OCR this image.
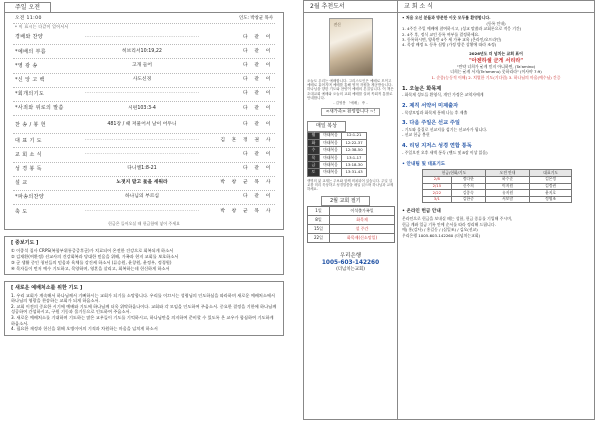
주일 오전
오전 11:00	인도: 박창균 목사
* 이 표시는 다같이 일어서서
경배와 찬양	·······························································	다 같 이
*예배의 부름	히브리서10:19,22	다 같 이
*영 광 송	고개 들어	다 같 이
*신 앙 고 백	사도신경	다 같 이
*회개의기도	·······························································	다 같 이
*사죄와 위로의 말씀	시편103:3-4	다 같 이
찬 송 / 봉 헌	481장 / 때 저물어서 날이 어두니	다 같 이
대 표 기 도	·······························································	김 혼 정 권 사
교 회 소 식	·······························································	다 같 이
성 경 봉 독	다니엘1:8-21	다 같 이
설 교	노젓지 말고 돛을 세워라	박 창 균 목 사
*파송의찬양	하나님의 부르심	다 같 이
축 도	·······························································	박 창 균 목 사
헌금은 들어오실 때 헌금함에 넣어 주세요
[ 중보기도 ]

① 이종석 집사 CRPS(복합부위통증증후군)가 치료되어 온전한 건강으로 회복되게 하소서

② 김재환(여환정) 선교사의 건강회복과 당대한 믿음을 위해, 가족과 현지 교회를 보호하소서

③ 군 생활 중인 청년들의 믿음과 육체를 강건케 하소서 (류승원, 윤창원, 윤정우, 정경원)

④ 목자들이 먼저 예수 기도하고, 목양하며, 영혼을 살리고, 회복하는데 헌신하게 하소서

[ 새로운 예배처소를 위한 기도 ]

1. 우리 교회가 계속해서 하나님께서 기뻐하시는 교회가 되기를 소망합니다. 우리를 이끄시는 성령님의 인도하심을 따라하며 새로운 예배처소에서 하나님의 영광을 찬송하는 교회가 되게 하옵소서.

2. 교회 이전의 중요한 시기에 예배와 기도에 하나님께 더욱 위탁하옵나이다. 교회와 각 모임을 인도하여 주옵소서. 중요한 결정을 기한에 하나님께 성공하여 간섭하시고, 구원 기동과 물기동으로 인도하여 주옵소서.

3. 새로운 예배처소를 기대하며 기도하는 많은 교우들이 기도를 기억하시고, 하나님만을 의지하여 준비할 수 있도록 온 교우가 합심하여 기도하게 하옵소서.

4. 필요한 재정과 헌신을 위해 오병이어의 기적과 차원하는 마음을 넘치게 하소서

2월 추천도서	교 회 소 식
전신
오늘도 우리는 예배합니다. 그리스도인은 예배로 모이고 예배로 흩어지며 예배를 통해 영적 자원을 제공받습니다. 하나님을 향한 기도와 찬양이 예배의 본질입니다. 이 책은 초대교회 예배와 오늘의 교회 예배를 살펴 목회적 통찰로 안내합니다.
- 김영봉 「예배」 中 -
<새가족> 환영합니다 ~!
매일 복상
월	마태복음	12:1-21
화	마태복음	12:22-37
수	마태복음	12:38-50
목	마태복음	13:1-17
금	마태복음	13:18-30
토	마태복음	13:31-43
생명의 삶 교재는 주보와 함께 비치되어 있습니다. 주일 설교를 미리 묵상하고 성경말씀을 매일 읽으며 하나님과 교제하세요.
2월 교회 절기
1일	이석출가족일
8일	화목제
15일	설 주간
22일	화목제(신소망일)
우리은행
1005-603-142260
(더넘치는교회)

• 처음 오신 분들과 방문한 이웃 모두를 환영합니다.

(등록 안내)

1. 4주간 주일 예배에 참여하시고, (성교 말씀과 교회론으로 적응 기간)

2. 4주 후, 정식 교인 등록 여부를 결정하세요.

3. 등록하시면, 양육반 4주 세 가족 교육 (온라인/오프라인)

4. 목장 배정 5. 등록 심방 (가정 방문 상황에 따라 조정)

2026년도 더 넘치는 교회 표어

"아젠하셀 군게 서리라"

"만약 너희가 굳게 믿지 아니하면, (Ta'amino)

너희는 굳게 서지(Te'amenu) 못하리라" (이사야 7:9)

1. 순종(능동적 이해) 2. 치열한 기도(기다림) 3. 하나님의 마음(예수님) 간증

1. 오늘은 화목제

- 화목제 성도들 환영식, 개인 가정은 교역자에게

2. 제직 서약서 미제출자

- 목장모임과 화목제 통해 나눔 후 제출

3. 다음 주일은 선교 주일

- 기도와 물질로 선교지를 섬기는 선교사가 됩니다.

- 선교 헌금 봉헌

4. 리딩 지저스 성경 연합 통독

- 주일오전 오후 새벽 통독 (밴드 및 8장 이상 읽음)

• 안내팀 및 대표기도
헌금/헌화/기도		오전 안내	대표기도
2/8	정다한	하수준	김은정
2/15	신주희	이지원	김정권
2/22	김종숙	유지원	윤지호
3/1	김한중	서보람	정영조
• 온라인 헌금 안내

온라인으로 헌금을 보내실 때는 성함, 헌금 종류를 기입해 주시며,

헌금 계좌 입금 기록 안에 순서를 따라 정리해 드립니다.

예) 홍(감사) / 홍길동 / (십일조) / 김오(선교)

우리은행 1005-603-142260 (더넘치는교회)
